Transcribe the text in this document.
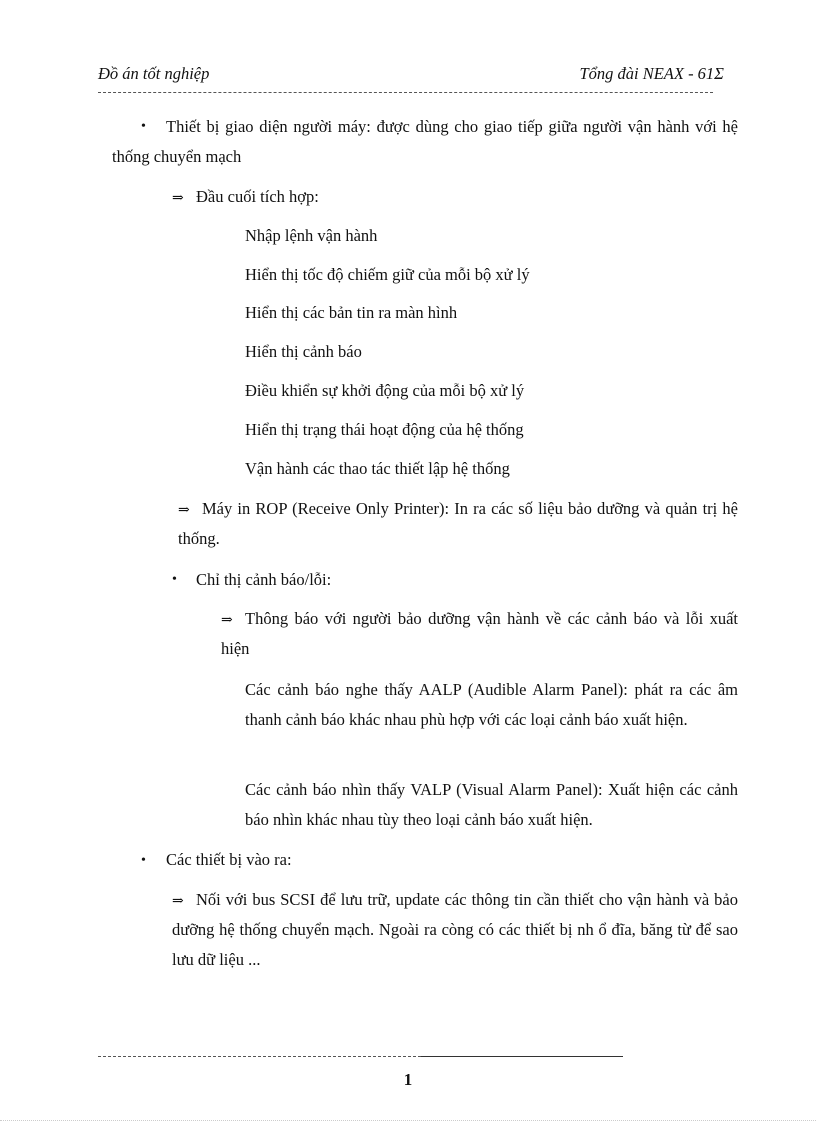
Đồ án tốt nghiệp	Tổng đài NEAX - 61Σ
•	Thiết bị giao diện người máy: được dùng cho giao tiếp giữa người vận hành với hệ thống chuyển mạch
⇒ Đầu cuối tích hợp:
Nhập lệnh vận hành
Hiển thị tốc độ chiếm giữ của mỗi bộ xử lý
Hiển thị các bản tin ra màn hình
Hiển thị cảnh báo
Điều khiển sự khởi động của mỗi bộ xử lý
Hiển thị trạng thái hoạt động của hệ thống
Vận hành các thao tác thiết lập hệ thống
⇒ Máy in ROP (Receive Only Printer): In ra các số liệu bảo dưỡng và quản trị hệ thống.
• Chỉ thị cảnh báo/lỗi:
⇒ Thông báo với người bảo dưỡng vận hành về các cảnh báo và lỗi xuất hiện
Các cảnh báo nghe thấy AALP (Audible Alarm Panel): phát ra các âm thanh cảnh báo khác nhau phù hợp với các loại cảnh báo xuất hiện.
Các cảnh báo nhìn thấy VALP (Visual Alarm Panel): Xuất hiện các cảnh báo nhìn khác nhau tùy theo loại cảnh báo xuất hiện.
• Các thiết bị vào ra:
⇒ Nối với bus SCSI để lưu trữ, update các thông tin cần thiết cho vận hành và bảo dưỡng hệ thống chuyển mạch. Ngoài ra còng có các thiết bị nh ổ đĩa, băng từ để sao lưu dữ liệu ...
1
